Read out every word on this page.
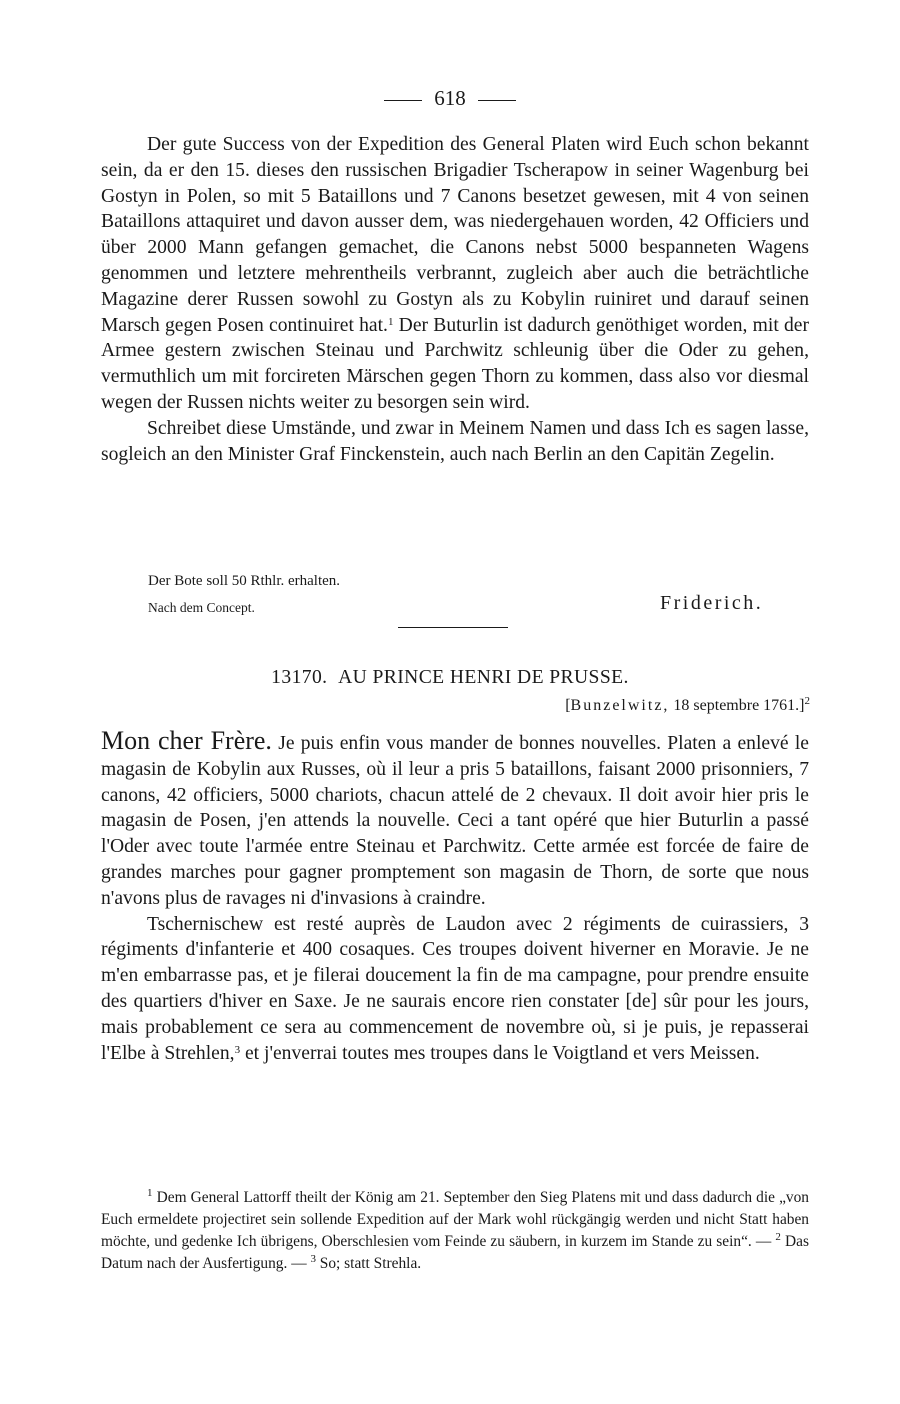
618

Der gute Success von der Expedition des General Platen wird Euch schon bekannt sein, da er den 15. dieses den russischen Brigadier Tscherapow in seiner Wagenburg bei Gostyn in Polen, so mit 5 Bataillons und 7 Canons besetzet gewesen, mit 4 von seinen Bataillons attaquiret und davon ausser dem, was niedergehauen worden, 42 Officiers und über 2000 Mann gefangen gemachet, die Canons nebst 5000 bespanneten Wagens genommen und letztere mehrentheils verbrannt, zugleich aber auch die beträchtliche Magazine derer Russen sowohl zu Gostyn als zu Kobylin ruiniret und darauf seinen Marsch gegen Posen continuiret hat.$^1$ Der Buturlin ist dadurch genöthiget worden, mit der Armee gestern zwischen Steinau und Parchwitz schleunig über die Oder zu gehen, vermuthlich um mit forcireten Märschen gegen Thorn zu kommen, dass also vor diesmal wegen der Russen nichts weiter zu besorgen sein wird.

Schreibet diese Umstände, und zwar in Meinem Namen und dass Ich es sagen lasse, sogleich an den Minister Graf Finckenstein, auch nach Berlin an den Capitän Zegelin.

Der Bote soll 50 Rthlr. erhalten.
Nach dem Concept.	Friderich.
13170. AU PRINCE HENRI DE PRUSSE.
[Bunzelwitz, 18 septembre 1761.]$^2$

Mon cher Frère. Je puis enfin vous mander de bonnes nouvelles. Platen a enlevé le magasin de Kobylin aux Russes, où il leur a pris 5 bataillons, faisant 2000 prisonniers, 7 canons, 42 officiers, 5000 chariots, chacun attelé de 2 chevaux. Il doit avoir hier pris le magasin de Posen, j'en attends la nouvelle. Ceci a tant opéré que hier Buturlin a passé l'Oder avec toute l'armée entre Steinau et Parchwitz. Cette armée est forcée de faire de grandes marches pour gagner promptement son magasin de Thorn, de sorte que nous n'avons plus de ravages ni d'invasions à craindre.

Tschernischew est resté auprès de Laudon avec 2 régiments de cuirassiers, 3 régiments d'infanterie et 400 cosaques. Ces troupes doivent hiverner en Moravie. Je ne m'en embarrasse pas, et je filerai doucement la fin de ma campagne, pour prendre ensuite des quartiers d'hiver en Saxe. Je ne saurais encore rien constater [de] sûr pour les jours, mais probablement ce sera au commencement de novembre où, si je puis, je repasserai l'Elbe à Strehlen,$^3$ et j'enverrai toutes mes troupes dans le Voigtland et vers Meissen.

$^1$ Dem General Lattorff theilt der König am 21. September den Sieg Platens mit und dass dadurch die „von Euch ermeldete projectiret sein sollende Expedition auf der Mark wohl rückgängig werden und nicht Statt haben möchte, und gedenke Ich übrigens, Oberschlesien vom Feinde zu säubern, in kurzem im Stande zu sein“. — $^2$ Das Datum nach der Ausfertigung. — $^3$ So; statt Strehla.
